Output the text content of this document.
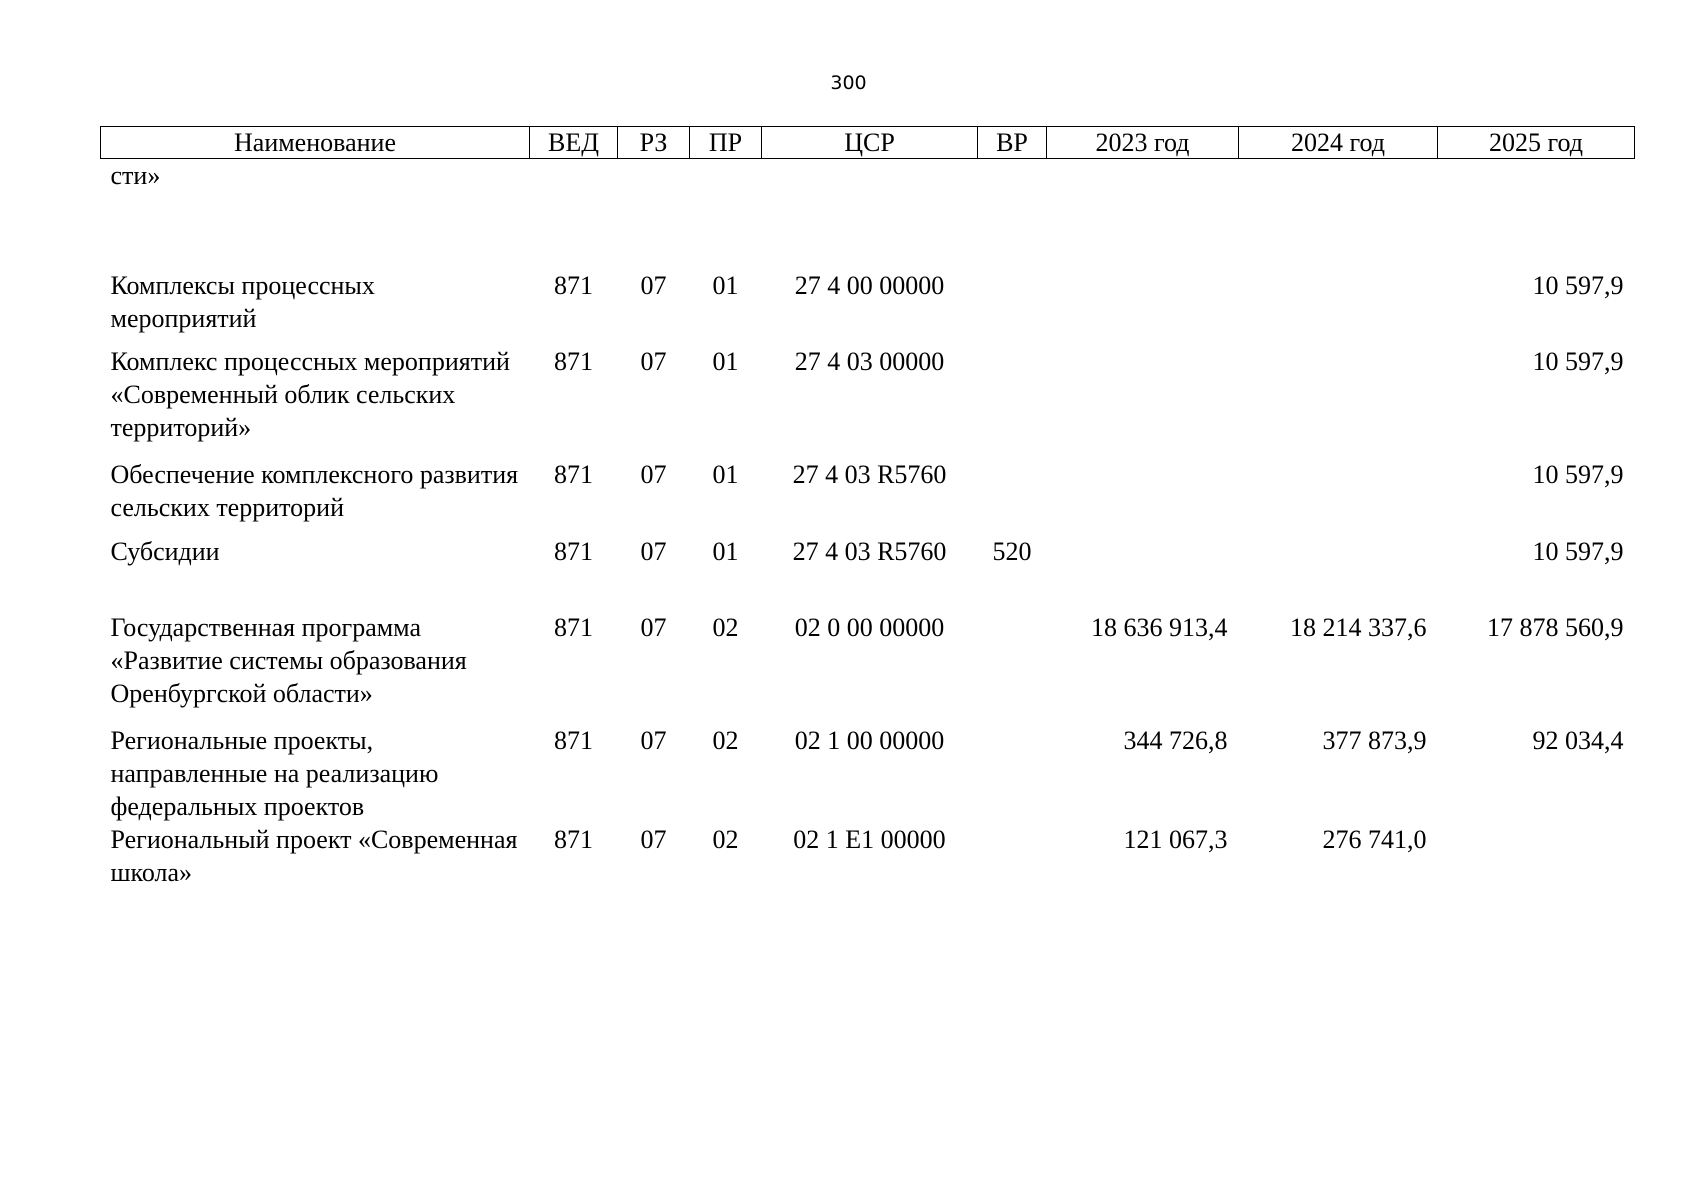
300
Наименование	ВЕД	РЗ	ПР	ЦСР	ВР	2023 год	2024 год	2025 год
сти»								
Комплексы процессных мероприятий	871	07	01	27 4 00 00000				10 597,9
Комплекс процессных мероприятий «Современный облик сельских территорий»	871	07	01	27 4 03 00000				10 597,9
Обеспечение комплексного развития сельских территорий	871	07	01	27 4 03 R5760				10 597,9
Субсидии	871	07	01	27 4 03 R5760	520			10 597,9
Государственная программа «Развитие системы образования Оренбургской области»	871	07	02	02 0 00 00000		18 636 913,4	18 214 337,6	17 878 560,9
Региональные проекты, направленные на реализацию федеральных проектов	871	07	02	02 1 00 00000		344 726,8	377 873,9	92 034,4
Региональный проект «Современная школа»	871	07	02	02 1 E1 00000		121 067,3	276 741,0	
